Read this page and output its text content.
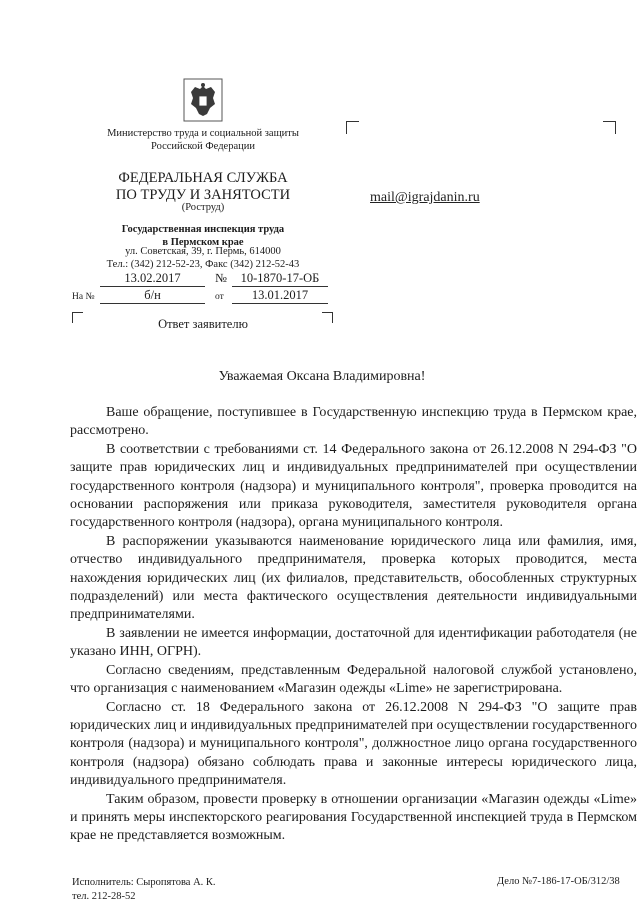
Министерство труда и социальной защиты
Российской Федерации
ФЕДЕРАЛЬНАЯ СЛУЖБА
ПО ТРУДУ И ЗАНЯТОСТИ
(Роструд)
Государственная инспекция труда
в Пермском крае
ул. Советская, 39, г. Пермь, 614000
Тел.: (342) 212-52-23, Факс (342) 212-52-43
13.02.2017	№	10-1870-17-ОБ
На №	б/н	от	13.01.2017
Ответ заявителю
mail@igrajdanin.ru
Уважаемая Оксана Владимировна!

Ваше обращение, поступившее в Государственную инспекцию труда в Пермском крае, рассмотрено.

В соответствии с требованиями ст. 14 Федерального закона от 26.12.2008 N 294-ФЗ "О защите прав юридических лиц и индивидуальных предпринимателей при осуществлении государственного контроля (надзора) и муниципального контроля", проверка проводится на основании распоряжения или приказа руководителя, заместителя руководителя органа государственного контроля (надзора), органа муниципального контроля.

В распоряжении указываются наименование юридического лица или фамилия, имя, отчество индивидуального предпринимателя, проверка которых проводится, места нахождения юридических лиц (их филиалов, представительств, обособленных структурных подразделений) или места фактического осуществления деятельности индивидуальными предпринимателями.

В заявлении не имеется информации, достаточной для идентификации работодателя (не указано ИНН, ОГРН).

Согласно сведениям, представленным Федеральной налоговой службой установлено, что организация с наименованием «Магазин одежды «Lime» не зарегистрирована.

Согласно ст. 18 Федерального закона от 26.12.2008 N 294-ФЗ "О защите прав юридических лиц и индивидуальных предпринимателей при осуществлении государственного контроля (надзора) и муниципального контроля", должностное лицо органа государственного контроля (надзора) обязано соблюдать права и законные интересы юридического лица, индивидуального предпринимателя.

Таким образом, провести проверку в отношении организации «Магазин одежды «Lime» и принять меры инспекторского реагирования Государственной инспекцией труда в Пермском крае не представляется возможным.

Исполнитель: Сыропятова А. К.
тел. 212-28-52
Дело №7-186-17-ОБ/312/38
